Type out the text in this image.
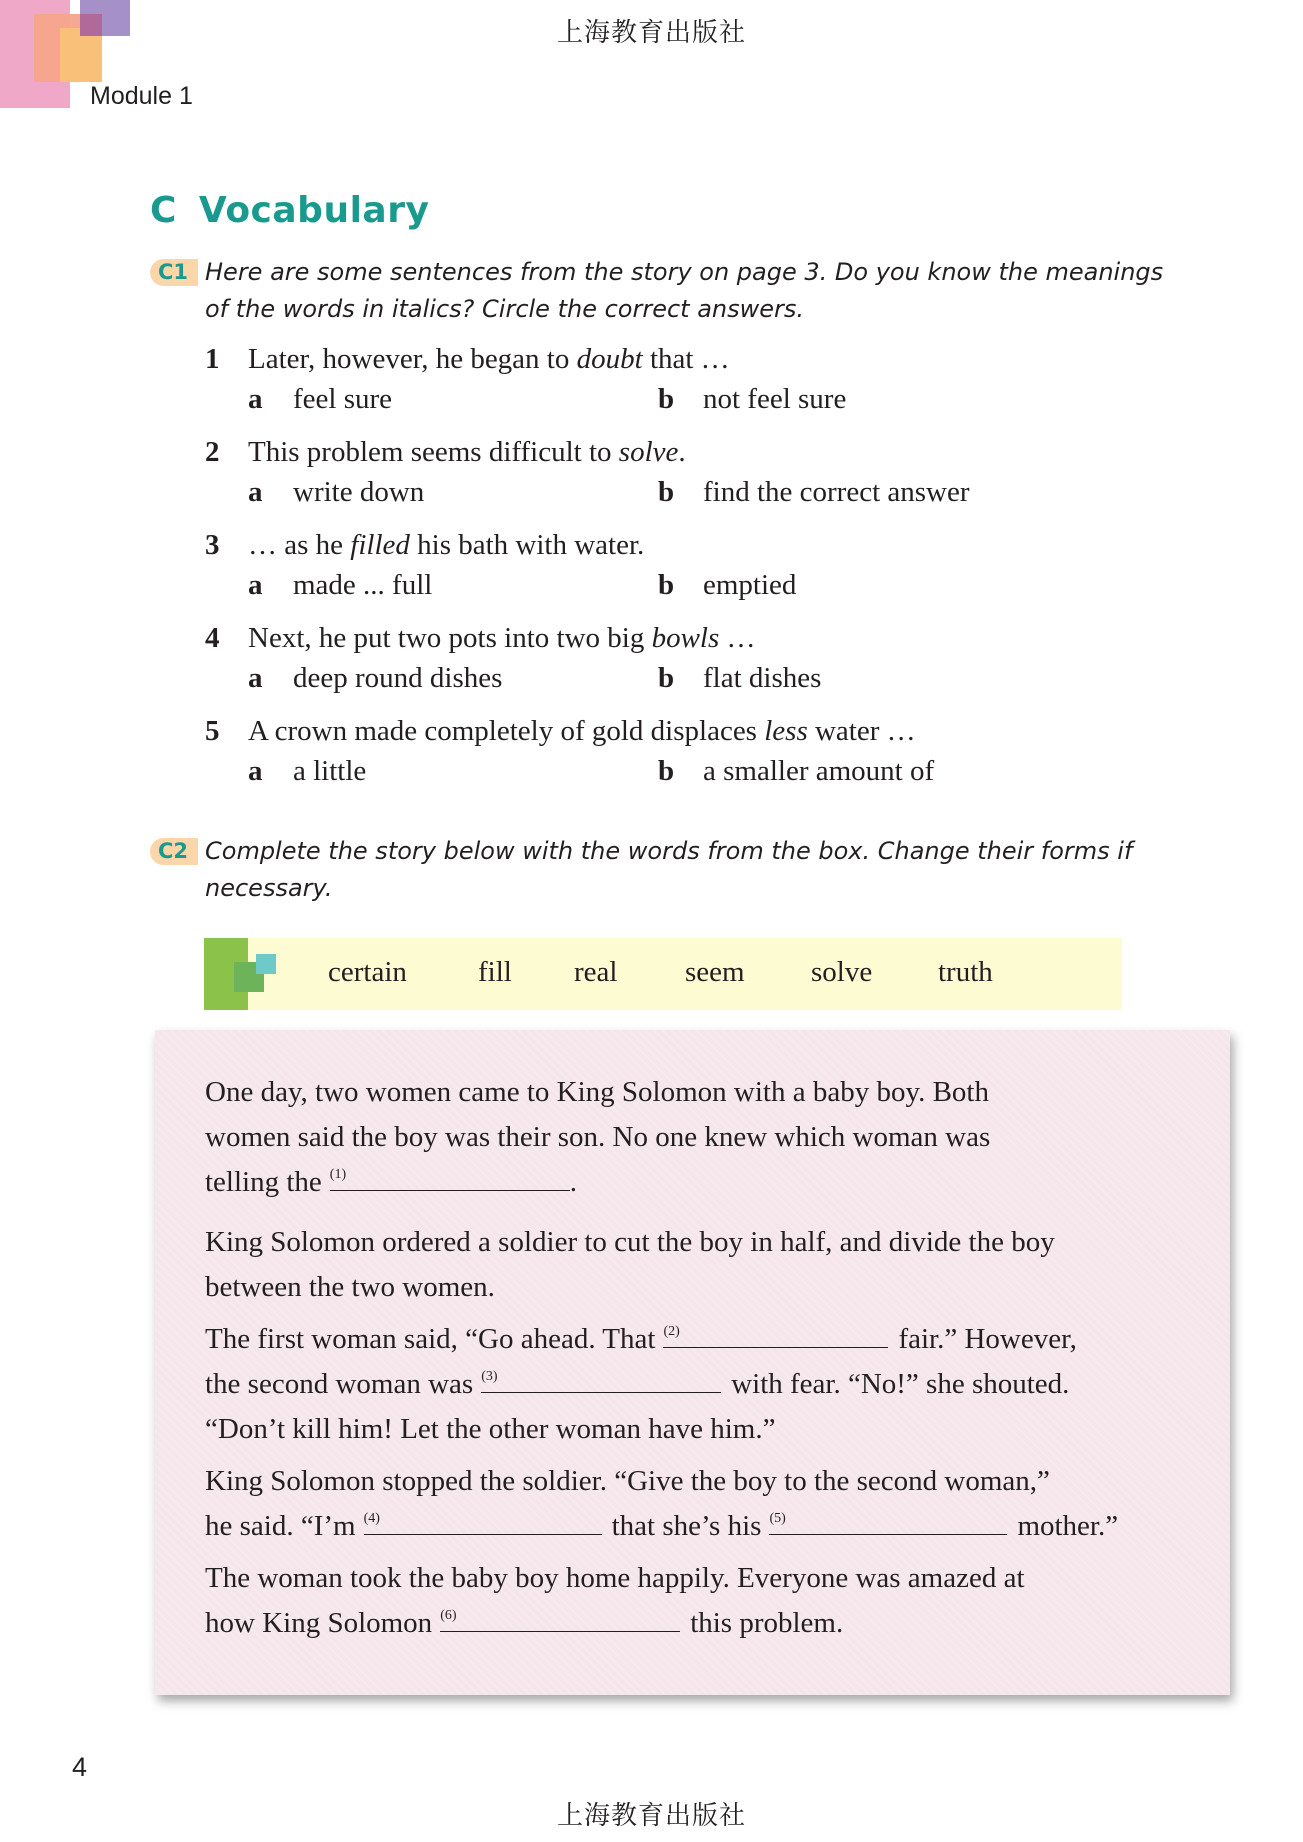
上海教育出版社
Module 1
C Vocabulary
C1 Here are some sentences from the story on page 3. Do you know the meanings of the words in italics? Circle the correct answers.
1 Later, however, he began to doubt that …
a feel sure	b not feel sure
2 This problem seems difficult to solve.
a write down	b find the correct answer
3 … as he filled his bath with water.
a made ... full	b emptied
4 Next, he put two pots into two big bowls …
a deep round dishes	b flat dishes
5 A crown made completely of gold displaces less water …
a a little	b a smaller amount of
C2 Complete the story below with the words from the box. Change their forms if necessary.
certain fill real seem solve truth

One day, two women came to King Solomon with a baby boy. Both

women said the boy was their son. No one knew which woman was

telling the (1)	.

King Solomon ordered a soldier to cut the boy in half, and divide the boy

between the two women.

The first woman said, “Go ahead. That (2)	fair.” However,

the second woman was (3)	with fear. “No!” she shouted.

“Don’t kill him! Let the other woman have him.”

King Solomon stopped the soldier. “Give the boy to the second woman,”

he said. “I’m (4)	that she’s his (5)	mother.”

The woman took the baby boy home happily. Everyone was amazed at

how King Solomon (6)	this problem.

4
上海教育出版社
